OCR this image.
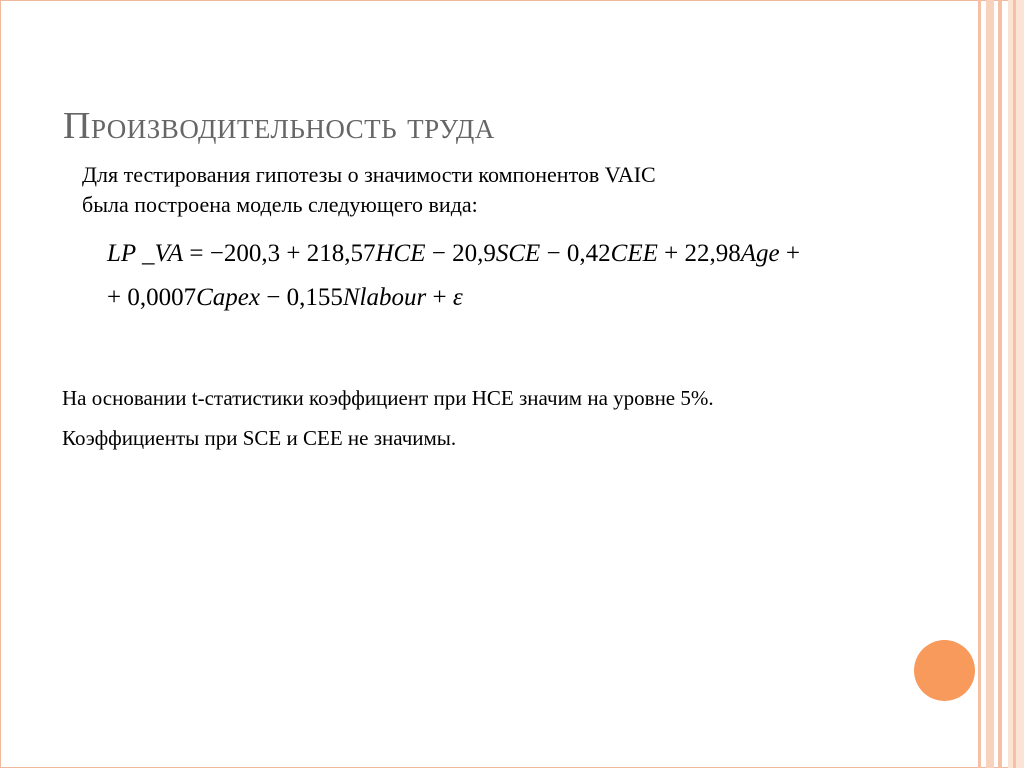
Производительность труда
Для тестирования гипотезы о значимости компонентов VAIC
была построена модель следующего вида:
LP _VA = −200,3 + 218,57HCE − 20,9SCE − 0,42CEE + 22,98Age +
+ 0,0007Capex − 0,155Nlabour + ε
На основании t-статистики коэффициент при HCE значим на уровне 5%.
Коэффициенты при SCE и CEE не значимы.
